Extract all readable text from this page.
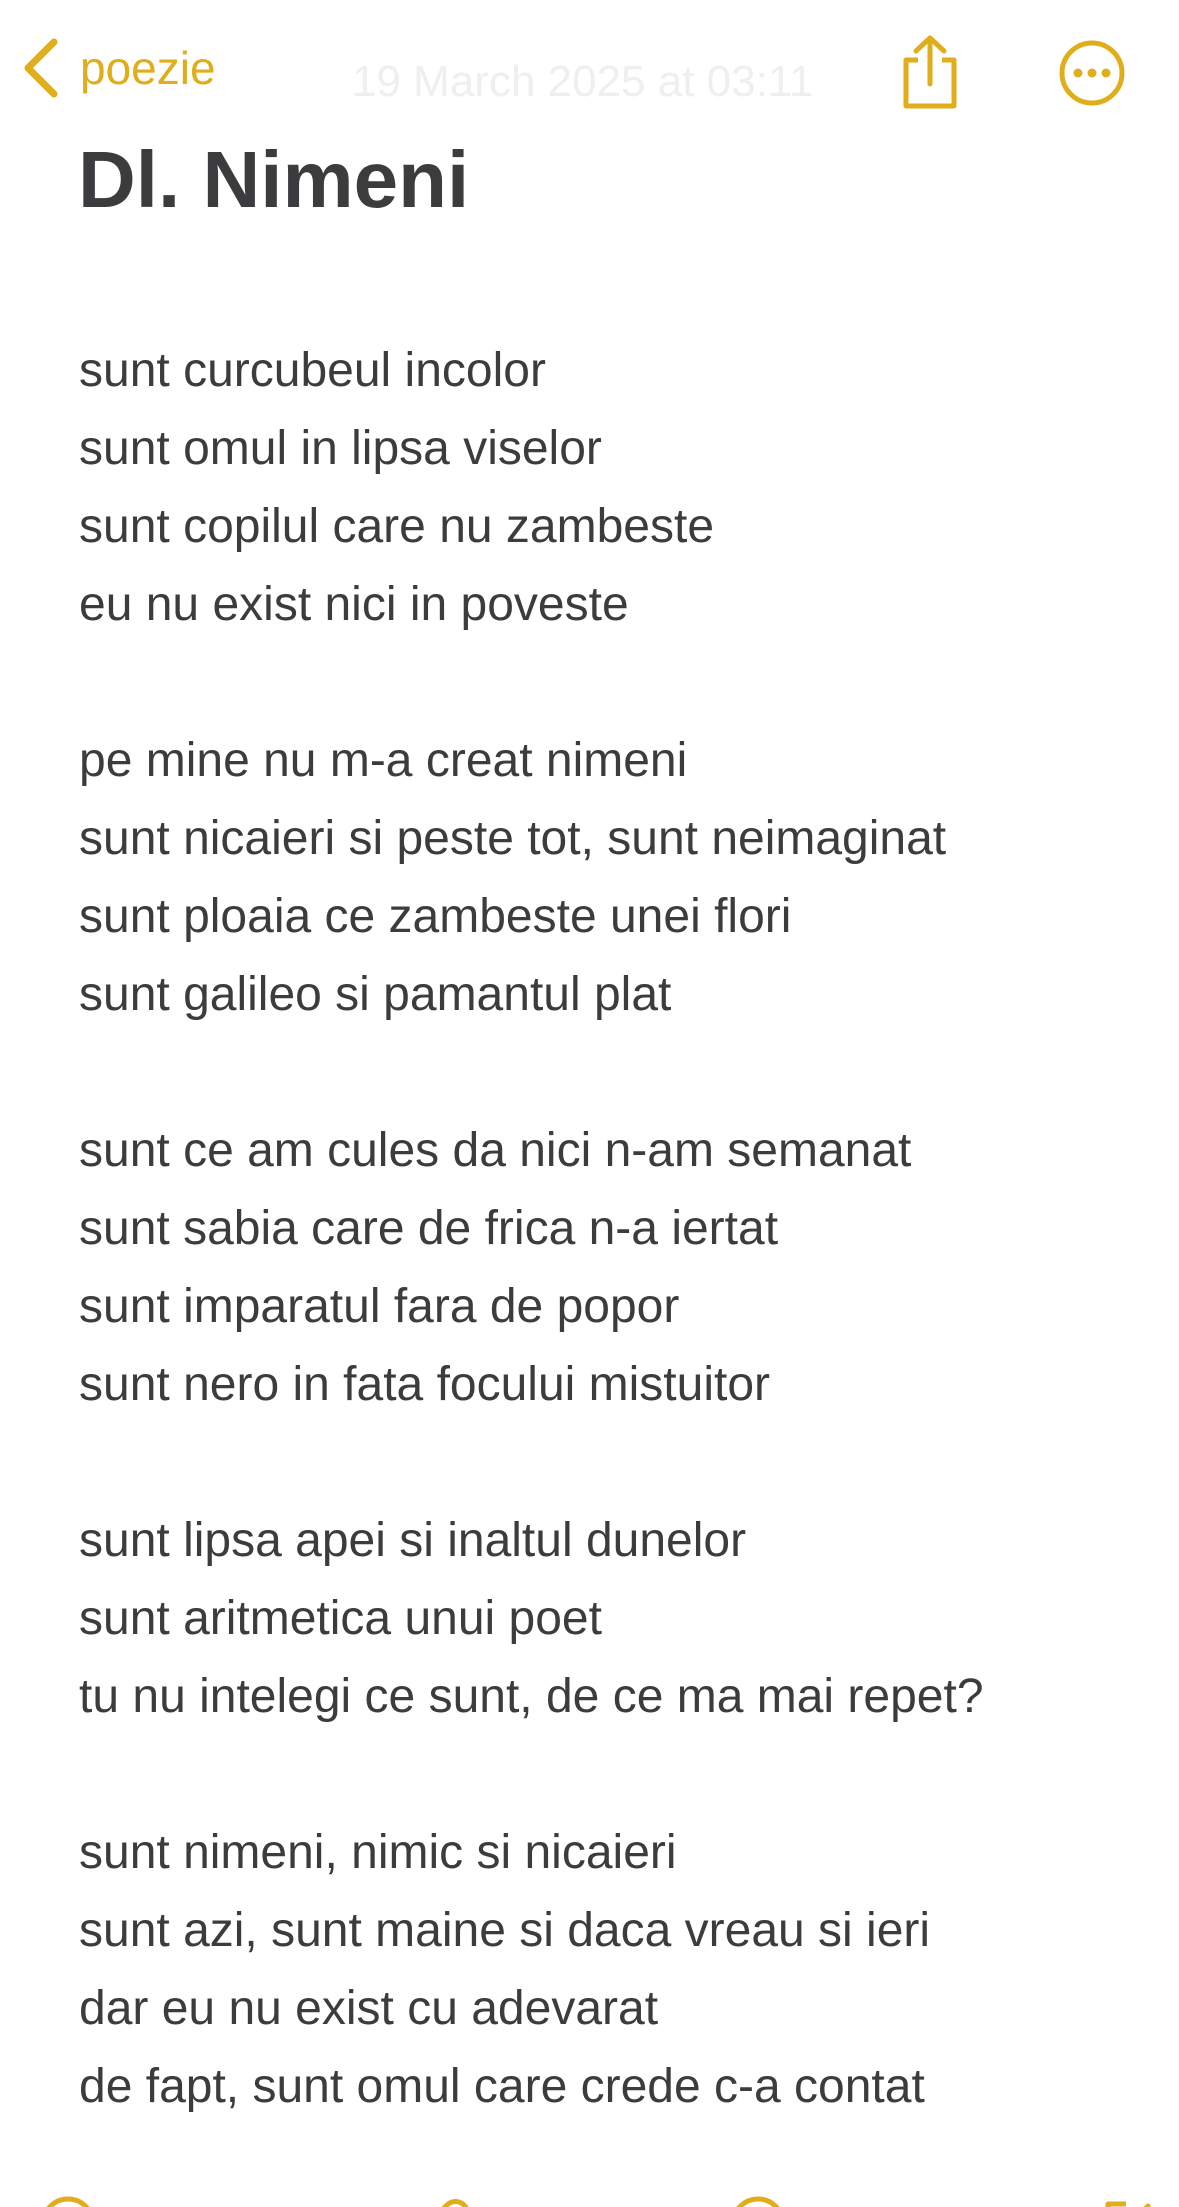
poezie	19 March 2025 at 03:11
Dl. Nimeni
sunt curcubeul incolor
sunt omul in lipsa viselor
sunt copilul care nu zambeste
eu nu exist nici in poveste
pe mine nu m-a creat nimeni
sunt nicaieri si peste tot, sunt neimaginat
sunt ploaia ce zambeste unei flori
sunt galileo si pamantul plat
sunt ce am cules da nici n-am semanat
sunt sabia care de frica n-a iertat
sunt imparatul fara de popor
sunt nero in fata focului mistuitor
sunt lipsa apei si inaltul dunelor
sunt aritmetica unui poet
tu nu intelegi ce sunt, de ce ma mai repet?
sunt nimeni, nimic si nicaieri
sunt azi, sunt maine si daca vreau si ieri
dar eu nu exist cu adevarat
de fapt, sunt omul care crede c-a contat
